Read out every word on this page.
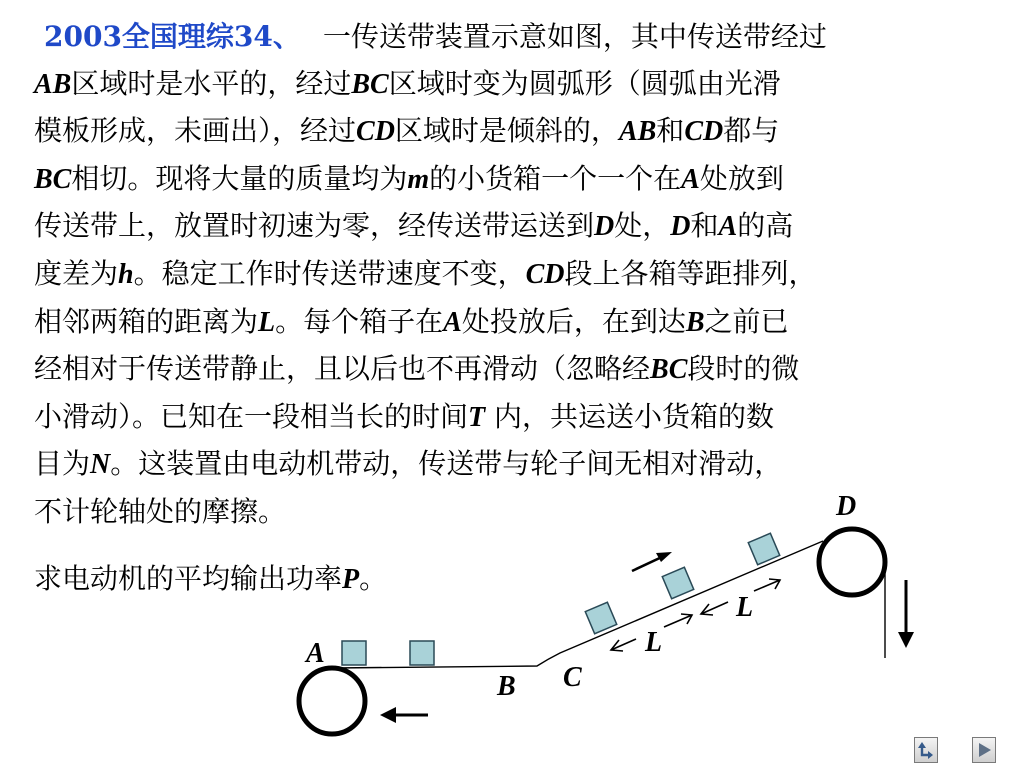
2003全国理综34、 一传送带装置示意如图，其中传送带经过
AB区域时是水平的，经过BC区域时变为圆弧形（圆弧由光滑
模板形成，未画出），经过CD区域时是倾斜的，AB和CD都与
BC相切。现将大量的质量均为m的小货箱一个一个在A处放到
传送带上，放置时初速为零，经传送带运送到D处，D和A的高
度差为h。稳定工作时传送带速度不变，CD段上各箱等距排列，
相邻两箱的距离为L。每个箱子在A处投放后，在到达B之前已
经相对于传送带静止，且以后也不再滑动（忽略经BC段时的微
小滑动）。已知在一段相当长的时间T 内，共运送小货箱的数
目为N。这装置由电动机带动，传送带与轮子间无相对滑动，
不计轮轴处的摩擦。
求电动机的平均输出功率P。
A
B C
D
L
L
